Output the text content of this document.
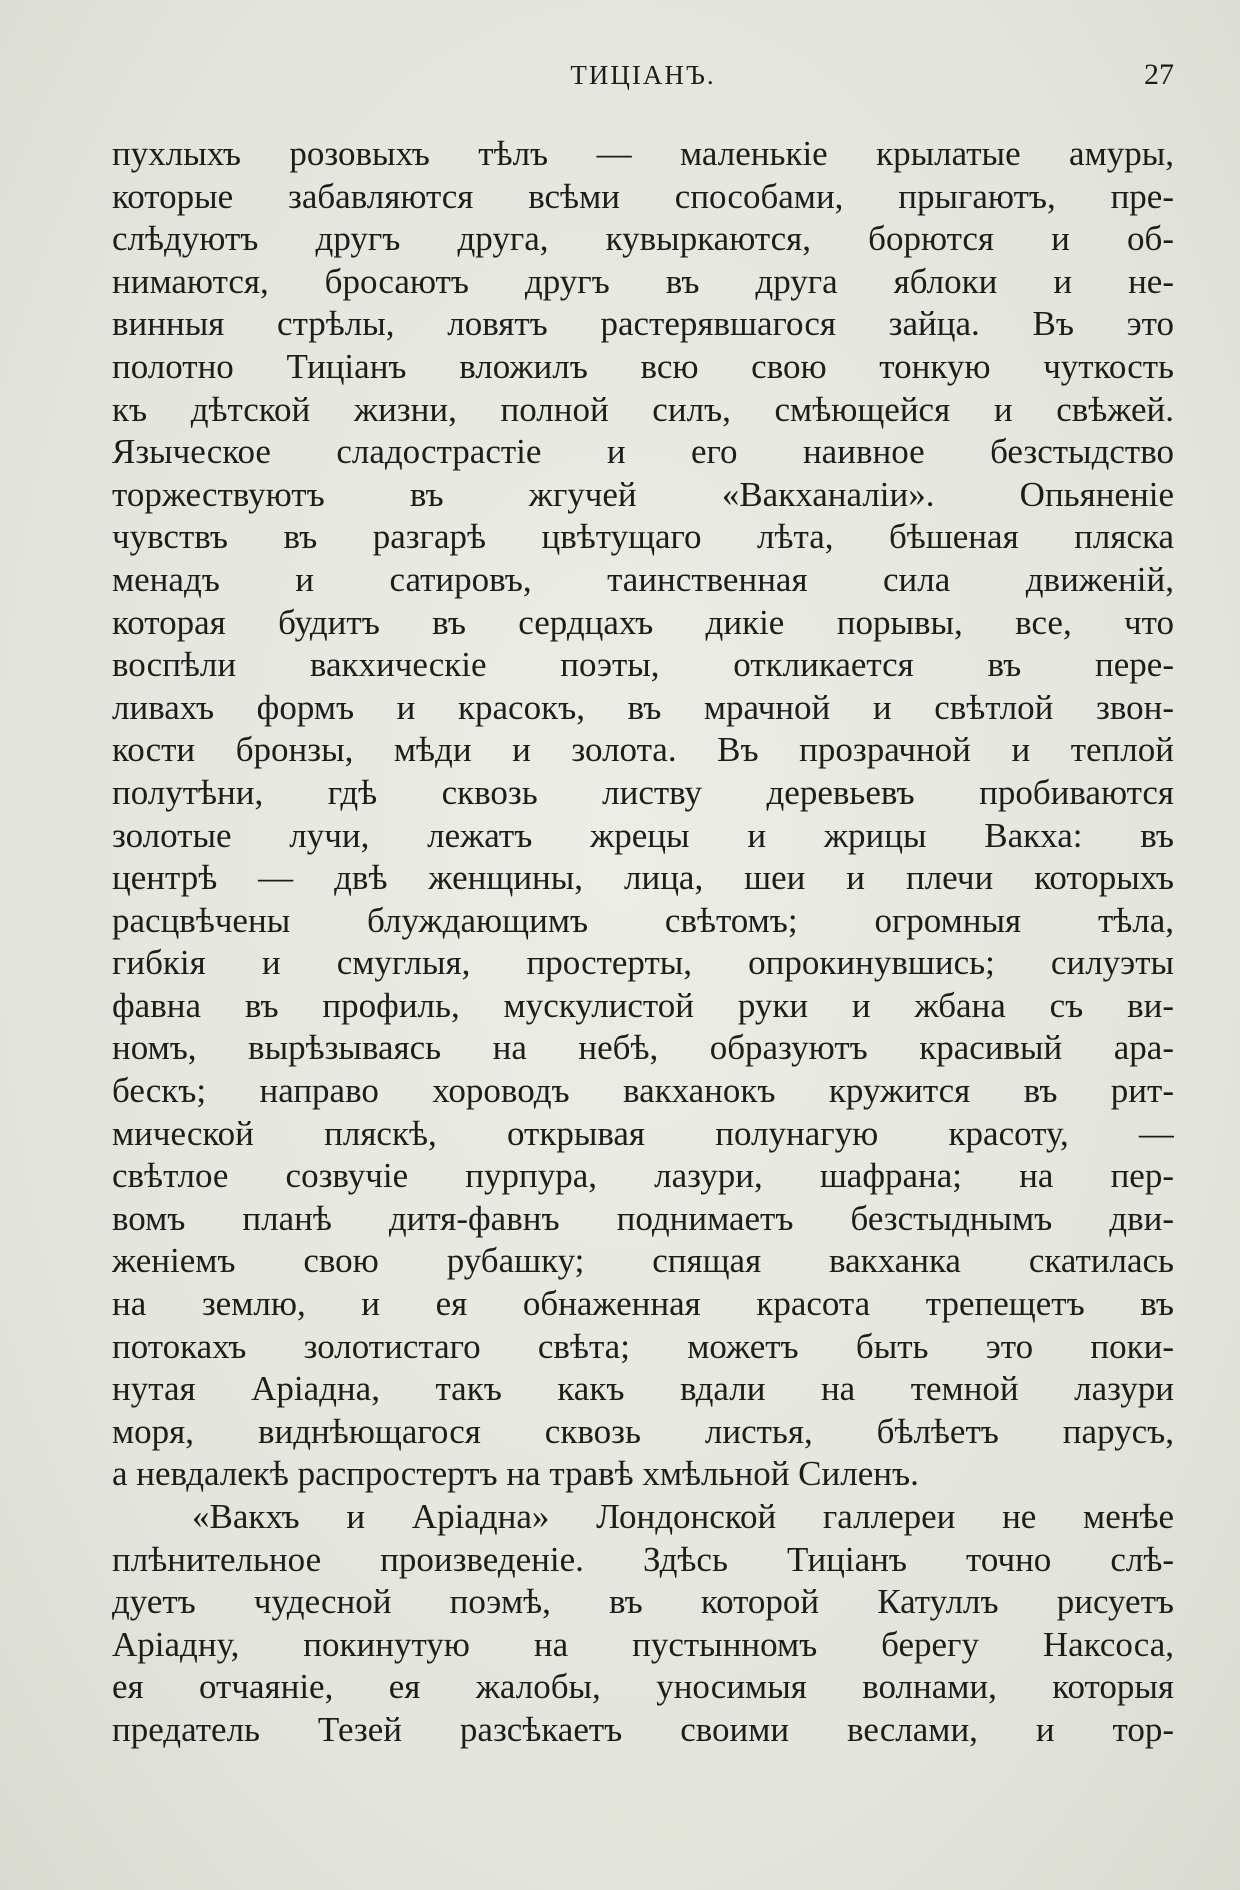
ТИЦІАНЪ.	27
пухлыхъ розовыхъ тѣлъ — маленькіе крылатые амуры,
которые забавляются всѣми способами, прыгаютъ, пре-
слѣдуютъ другъ друга, кувыркаются, борются и об-
нимаются, бросаютъ другъ въ друга яблоки и не-
винныя стрѣлы, ловятъ растерявшагося зайца. Въ это
полотно Тиціанъ вложилъ всю свою тонкую чуткость
къ дѣтской жизни, полной силъ, смѣющейся и свѣжей.
Языческое сладострастіе и его наивное безстыдство
торжествуютъ въ жгучей «Вакханаліи». Опьяненіе
чувствъ въ разгарѣ цвѣтущаго лѣта, бѣшеная пляска
менадъ и сатировъ, таинственная сила движеній,
которая будитъ въ сердцахъ дикіе порывы, все, что
воспѣли вакхическіе поэты, откликается въ пере-
ливахъ формъ и красокъ, въ мрачной и свѣтлой звон-
кости бронзы, мѣди и золота. Въ прозрачной и теплой
полутѣни, гдѣ сквозь листву деревьевъ пробиваются
золотые лучи, лежатъ жрецы и жрицы Вакха: въ
центрѣ — двѣ женщины, лица, шеи и плечи которыхъ
расцвѣчены блуждающимъ свѣтомъ; огромныя тѣла,
гибкія и смуглыя, простерты, опрокинувшись; силуэты
фавна въ профиль, мускулистой руки и жбана съ ви-
номъ, вырѣзываясь на небѣ, образуютъ красивый ара-
бескъ; направо хороводъ вакханокъ кружится въ рит-
мической пляскѣ, открывая полунагую красоту, —
свѣтлое созвучіе пурпура, лазури, шафрана; на пер-
вомъ планѣ дитя-фавнъ поднимаетъ безстыднымъ дви-
женіемъ свою рубашку; спящая вакханка скатилась
на землю, и ея обнаженная красота трепещетъ въ
потокахъ золотистаго свѣта; можетъ быть это поки-
нутая Аріадна, такъ какъ вдали на темной лазури
моря, виднѣющагося сквозь листья, бѣлѣетъ парусъ,
а невдалекѣ распростертъ на травѣ хмѣльной Силенъ.
«Вакхъ и Аріадна» Лондонской галлереи не менѣе
плѣнительное произведеніе. Здѣсь Тиціанъ точно слѣ-
дуетъ чудесной поэмѣ, въ которой Катуллъ рисуетъ
Аріадну, покинутую на пустынномъ берегу Наксоса,
ея отчаяніе, ея жалобы, уносимыя волнами, которыя
предатель Тезей разсѣкаетъ своими веслами, и тор-
